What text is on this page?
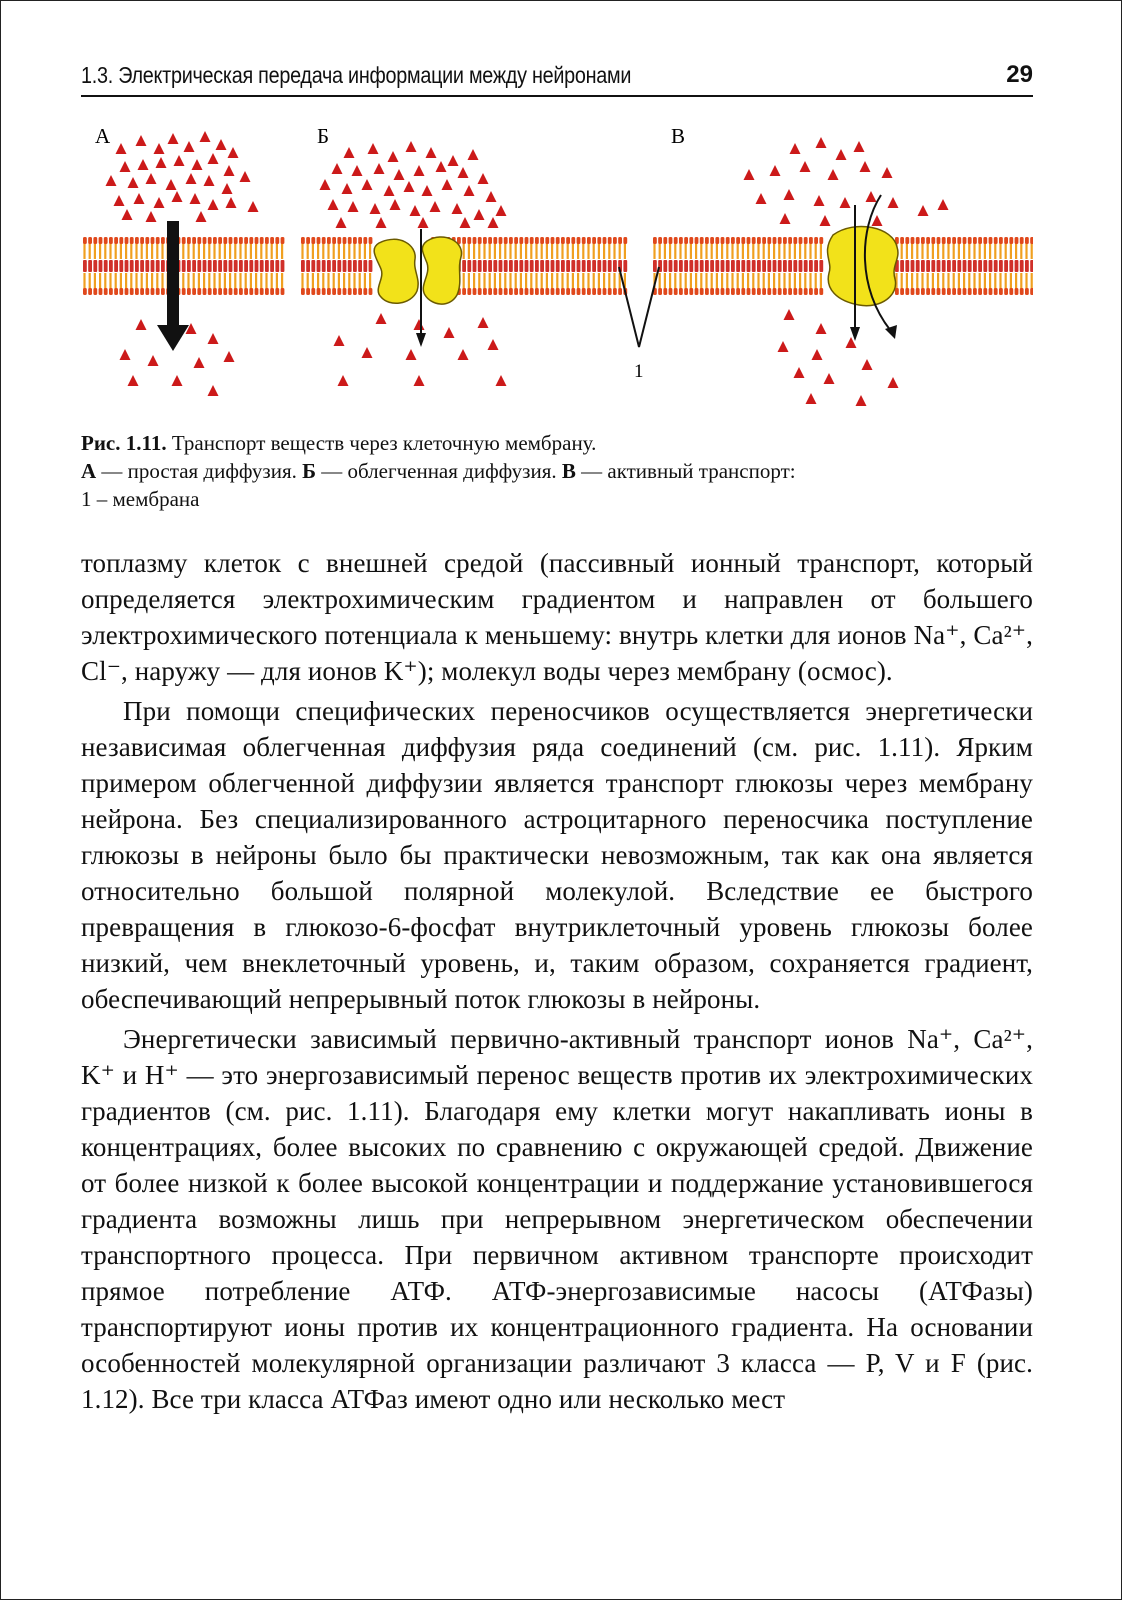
1.3. Электрическая передача информации между нейронами	29
А	Б	В
1

Рис. 1.11. Транспорт веществ через клеточную мембрану.

А — простая диффузия. Б — облегченная диффузия. В — активный транспорт:

1 – мембрана

топлазму клеток с внешней средой (пассивный ионный транспорт, который определяется электрохимическим градиентом и направлен от большего электрохимического потенциала к меньшему: внутрь клетки для ионов Na⁺, Ca²⁺, Cl⁻, наружу — для ионов K⁺); молекул воды через мембрану (осмос).

При помощи специфических переносчиков осуществляется энергетически независимая облегченная диффузия ряда соединений (см. рис. 1.11). Ярким примером облегченной диффузии является транспорт глюкозы через мембрану нейрона. Без специализированного астроцитарного переносчика поступление глюкозы в нейроны было бы практически невозможным, так как она является относительно большой полярной молекулой. Вследствие ее быстрого превращения в глюкозо-6-фосфат внутриклеточный уровень глюкозы более низкий, чем внеклеточный уровень, и, таким образом, сохраняется градиент, обеспечивающий непрерывный поток глюкозы в нейроны.

Энергетически зависимый первично-активный транспорт ионов Na⁺, Ca²⁺, K⁺ и H⁺ — это энергозависимый перенос веществ против их электрохимических градиентов (см. рис. 1.11). Благодаря ему клетки могут накапливать ионы в концентрациях, более высоких по сравнению с окружающей средой. Движение от более низкой к более высокой концентрации и поддержание установившегося градиента возможны лишь при непрерывном энергетическом обеспечении транспортного процесса. При первичном активном транспорте происходит прямое потребление АТФ. АТФ-энергозависимые насосы (АТФазы) транспортируют ионы против их концентрационного градиента. На основании особенностей молекулярной организации различают 3 класса — P, V и F (рис. 1.12). Все три класса АТФаз имеют одно или несколько мест
